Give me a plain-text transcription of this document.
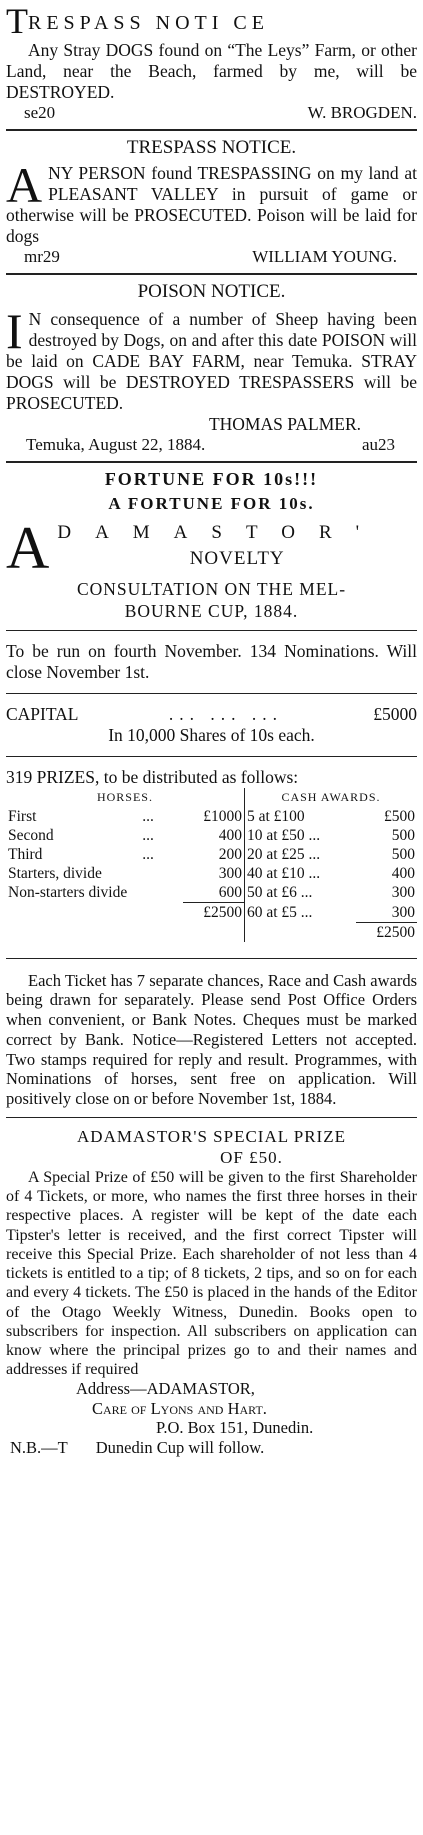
TRESPASS NOTI CE
Any Stray DOGS found on “The Leys” Farm, or other Land, near the Beach, farmed by me, will be DESTROYED.
se20	W. BROGDEN.
TRESPASS NOTICE.
ANY PERSON found TRESPASSING on my land at PLEASANT VALLEY in pursuit of game or otherwise will be PROSECUTED. Poison will be laid for dogs
mr29	WILLIAM YOUNG.
POISON NOTICE.
I N consequence of a number of Sheep having been destroyed by Dogs, on and after this date POISON will be laid on CADE BAY FARM, near Temuka. STRAY DOGS will be DESTROYED TRESPASSERS will be PROSECUTED.
THOMAS PALMER.
Temuka, August 22, 1884.	au23
FORTUNE FOR 10s!!!
A FORTUNE FOR 10s.
A DAMASTOR'
NOVELTY
CONSULTATION ON THE MEL-
BOURNE CUP, 1884.
To be run on fourth November. 134 Nominations. Will close November 1st.
CAPITAL	... ... ...	£5000
In 10,000 Shares of 10s each.
319 PRIZES, to be distributed as follows:
HORSES.			CASH AWARDS.	
First	...	£1000	5 at £100	£500
Second	...	400	10 at £50 ...	500
Third	...	200	20 at £25 ...	500
Starters, divide		300	40 at £10 ...	400
Non-starters divide		600	50 at £6 ...	300
		£2500	60 at £5 ...	300
				£2500
Each Ticket has 7 separate chances, Race and Cash awards being drawn for separately. Please send Post Office Orders when convenient, or Bank Notes. Cheques must be marked correct by Bank. Notice—Registered Letters not accepted. Two stamps required for reply and result. Programmes, with Nominations of horses, sent free on application. Will positively close on or before November 1st, 1884.
ADAMASTOR'S SPECIAL PRIZE
OF £50.
A Special Prize of £50 will be given to the first Shareholder of 4 Tickets, or more, who names the first three horses in their respective places. A register will be kept of the date each Tipster's letter is received, and the first correct Tipster will receive this Special Prize. Each shareholder of not less than 4 tickets is entitled to a tip; of 8 tickets, 2 tips, and so on for each and every 4 tickets. The £50 is placed in the hands of the Editor of the Otago Weekly Witness, Dunedin. Books open to subscribers for inspection. All subscribers on application can know where the principal prizes go to and their names and addresses if required
Address—ADAMASTOR,
Care of Lyons and Hart.
P.O. Box 151, Dunedin.
N.B.—T Dunedin Cup will follow.
